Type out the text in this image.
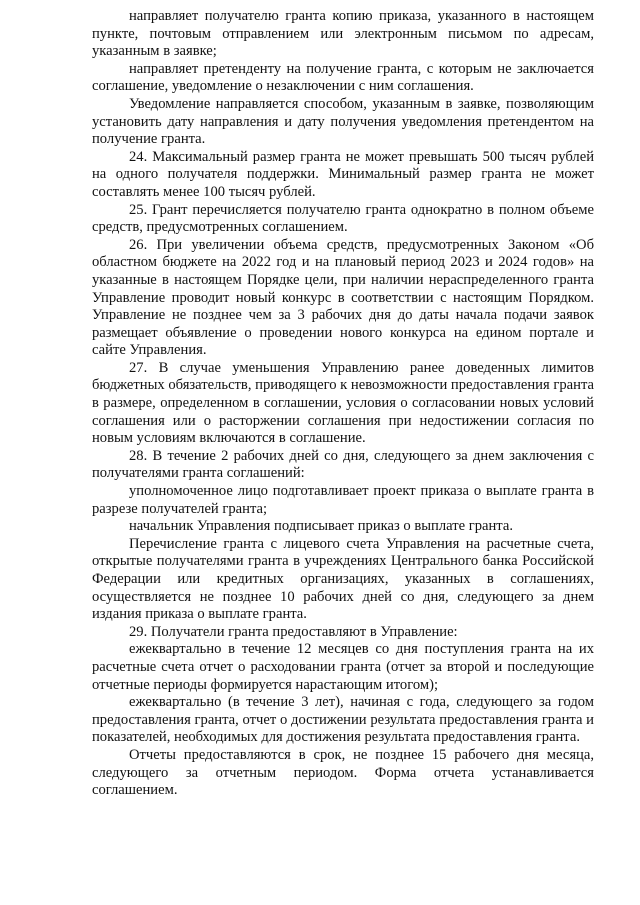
направляет получателю гранта копию приказа, указанного в настоящем пункте, почтовым отправлением или электронным письмом по адресам, указанным в заявке;

направляет претенденту на получение гранта, с которым не заключается соглашение, уведомление о незаключении с ним соглашения.

Уведомление направляется способом, указанным в заявке, позволяющим установить дату направления и дату получения уведомления претендентом на получение гранта.

24. Максимальный размер гранта не может превышать 500 тысяч рублей на одного получателя поддержки. Минимальный размер гранта не может составлять менее 100 тысяч рублей.

25. Грант перечисляется получателю гранта однократно в полном объеме средств, предусмотренных соглашением.

26. При увеличении объема средств, предусмотренных Законом «Об областном бюджете на 2022 год и на плановый период 2023 и 2024 годов» на указанные в настоящем Порядке цели, при наличии нераспределенного гранта Управление проводит новый конкурс в соответствии с настоящим Порядком. Управление не позднее чем за 3 рабочих дня до даты начала подачи заявок размещает объявление о проведении нового конкурса на едином портале и сайте Управления.

27. В случае уменьшения Управлению ранее доведенных лимитов бюджетных обязательств, приводящего к невозможности предоставления гранта в размере, определенном в соглашении, условия о согласовании новых условий соглашения или о расторжении соглашения при недостижении согласия по новым условиям включаются в соглашение.

28. В течение 2 рабочих дней со дня, следующего за днем заключения с получателями гранта соглашений:

уполномоченное лицо подготавливает проект приказа о выплате гранта в разрезе получателей гранта;

начальник Управления подписывает приказ о выплате гранта.

Перечисление гранта с лицевого счета Управления на расчетные счета, открытые получателями гранта в учреждениях Центрального банка Российской Федерации или кредитных организациях, указанных в соглашениях, осуществляется не позднее 10 рабочих дней со дня, следующего за днем издания приказа о выплате гранта.

29. Получатели гранта предоставляют в Управление:

ежеквартально в течение 12 месяцев со дня поступления гранта на их расчетные счета отчет о расходовании гранта (отчет за второй и последующие отчетные периоды формируется нарастающим итогом);

ежеквартально (в течение 3 лет), начиная с года, следующего за годом предоставления гранта, отчет о достижении результата предоставления гранта и показателей, необходимых для достижения результата предоставления гранта.

Отчеты предоставляются в срок, не позднее 15 рабочего дня месяца, следующего за отчетным периодом. Форма отчета устанавливается соглашением.
